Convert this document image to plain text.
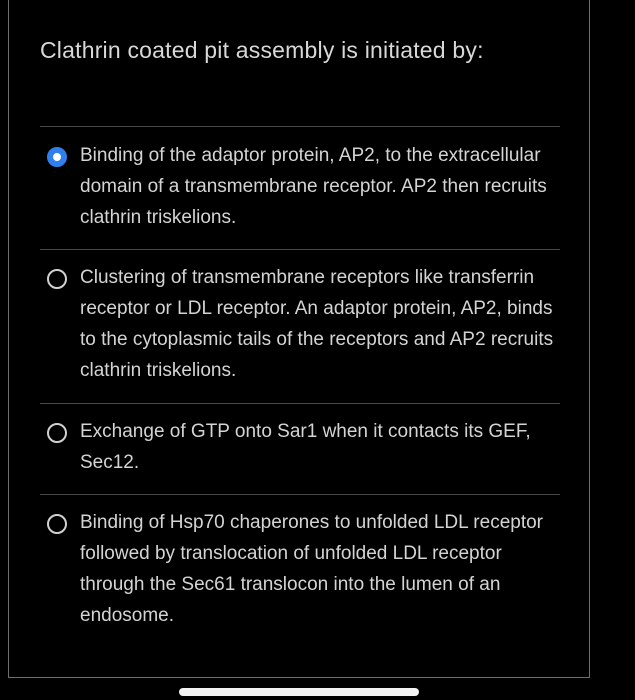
Clathrin coated pit assembly is initiated by:
Binding of the adaptor protein, AP2, to the extracellular domain of a transmembrane receptor. AP2 then recruits clathrin triskelions.
Clustering of transmembrane receptors like transferrin receptor or LDL receptor. An adaptor protein, AP2, binds to the cytoplasmic tails of the receptors and AP2 recruits clathrin triskelions.
Exchange of GTP onto Sar1 when it contacts its GEF, Sec12.
Binding of Hsp70 chaperones to unfolded LDL receptor followed by translocation of unfolded LDL receptor through the Sec61 translocon into the lumen of an endosome.
